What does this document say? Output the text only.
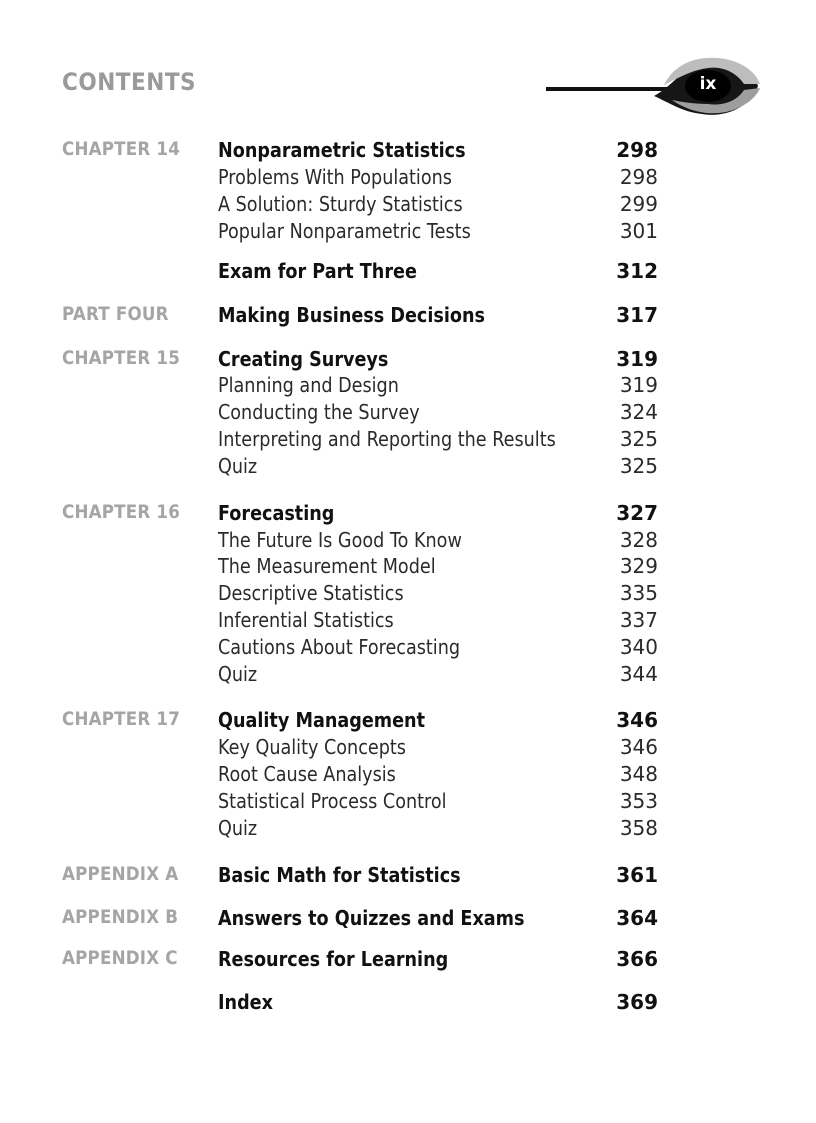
CONTENTS	ix
CHAPTER 14 Nonparametric Statistics	298
Problems With Populations	298
A Solution: Sturdy Statistics	299
Popular Nonparametric Tests	301
Exam for Part Three	312
PART FOUR Making Business Decisions	317
CHAPTER 15 Creating Surveys	319
Planning and Design	319
Conducting the Survey	324
Interpreting and Reporting the Results	325
Quiz	325
CHAPTER 16 Forecasting	327
The Future Is Good To Know	328
The Measurement Model	329
Descriptive Statistics	335
Inferential Statistics	337
Cautions About Forecasting	340
Quiz	344
CHAPTER 17 Quality Management	346
Key Quality Concepts	346
Root Cause Analysis	348
Statistical Process Control	353
Quiz	358
APPENDIX A Basic Math for Statistics	361
APPENDIX B Answers to Quizzes and Exams	364
APPENDIX C Resources for Learning	366
Index	369
